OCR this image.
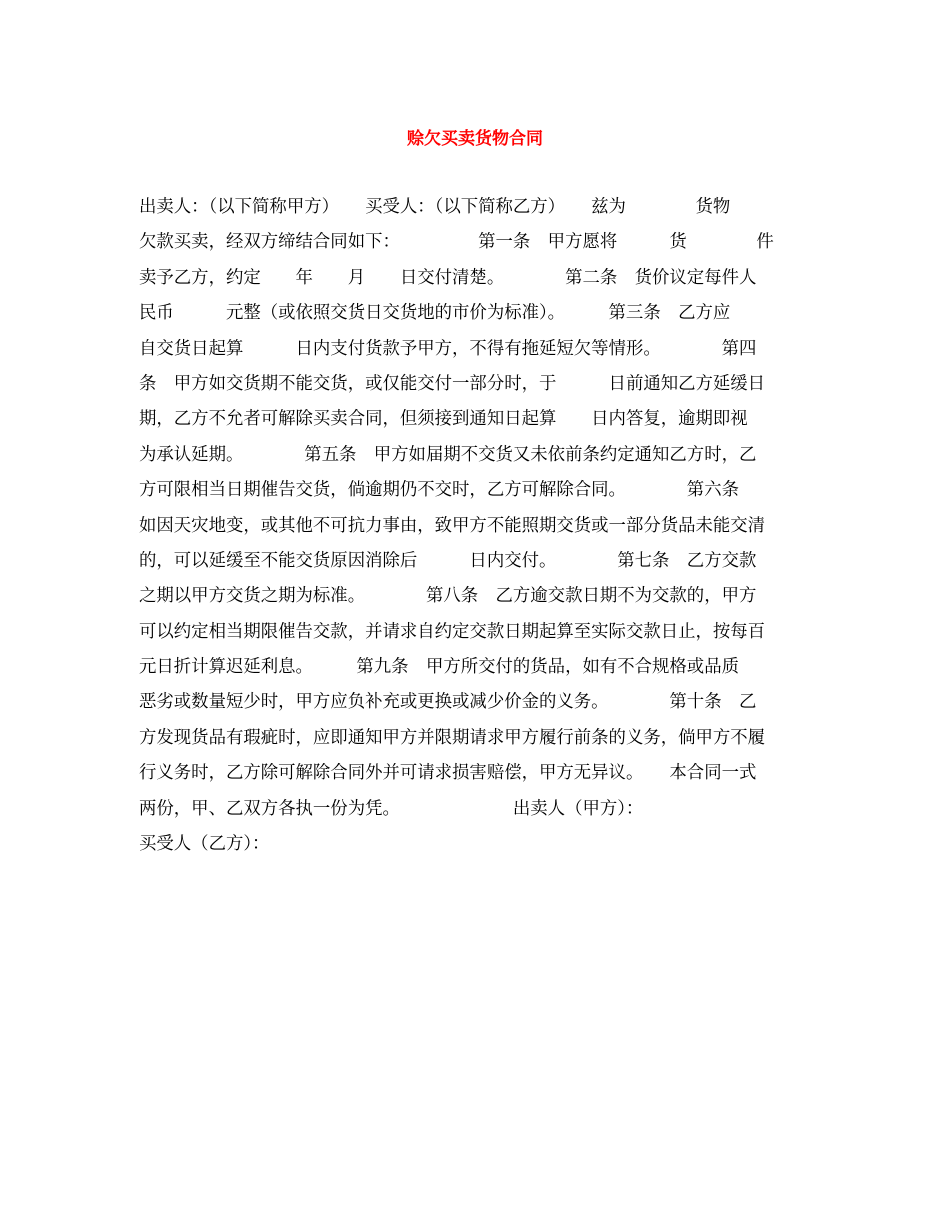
赊欠买卖货物合同
出卖人：（以下简称甲方）　　买受人：（以下简称乙方）　　兹为　　　　货物
欠款买卖，经双方缔结合同如下：　　　　　第一条　甲方愿将　　　货　　　　件
卖予乙方，约定　　年　　月　　日交付清楚。　　　　第二条　货价议定每件人
民币　　　元整（或依照交货日交货地的市价为标准）。　　　第三条　乙方应
自交货日起算　　　日内支付货款予甲方，不得有拖延短欠等情形。　　　　第四
条　甲方如交货期不能交货，或仅能交付一部分时，于　　　日前通知乙方延缓日
期，乙方不允者可解除买卖合同，但须接到通知日起算　　日内答复，逾期即视
为承认延期。　　　　第五条　甲方如届期不交货又未依前条约定通知乙方时，乙
方可限相当日期催告交货，倘逾期仍不交时，乙方可解除合同。　　　　第六条
如因天灾地变，或其他不可抗力事由，致甲方不能照期交货或一部分货品未能交清
的，可以延缓至不能交货原因消除后　　　日内交付。　　　　第七条　乙方交款
之期以甲方交货之期为标准。　　　　第八条　乙方逾交款日期不为交款的，甲方
可以约定相当期限催告交款，并请求自约定交款日期起算至实际交款日止，按每百
元日折计算迟延利息。　　　第九条　甲方所交付的货品，如有不合规格或品质
恶劣或数量短少时，甲方应负补充或更换或减少价金的义务。　　　　第十条　乙
方发现货品有瑕疵时，应即通知甲方并限期请求甲方履行前条的义务，倘甲方不履
行义务时，乙方除可解除合同外并可请求损害赔偿，甲方无异议。　　本合同一式
两份，甲、乙双方各执一份为凭。　　　　　　　出卖人（甲方）：
买受人（乙方）：
